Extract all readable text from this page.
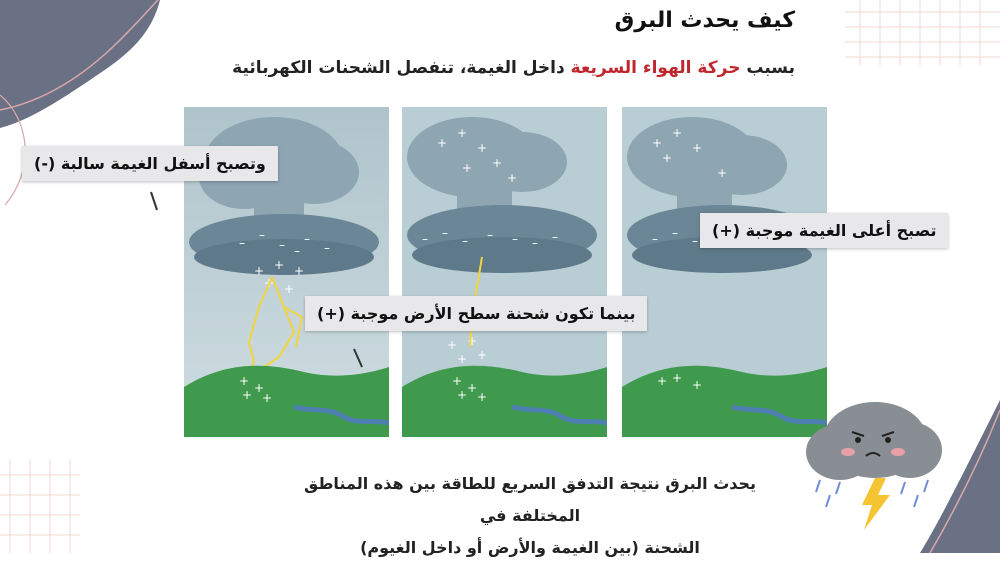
كيف يحدث البرق
بسبب حركة الهواء السريعة داخل الغيمة، تنفصل الشحنات الكهربائية
–
–
– –
–
–
+ + +
+ +
+ +
+ +
+
+
+
+
+
+
– –
– – – – –
+ +
+
+
+ +
+ +
+
+
+
+
+
– –
–
+ + +
وتصبح أسفل الغيمة سالبة (-)
تصبح أعلى الغيمة موجبة (+)
بينما تكون شحنة سطح الأرض موجبة (+)
يحدث البرق نتيجة التدفق السريع للطاقة بين هذه المناطق المختلفة في
الشحنة (بين الغيمة والأرض أو داخل الغيوم)
